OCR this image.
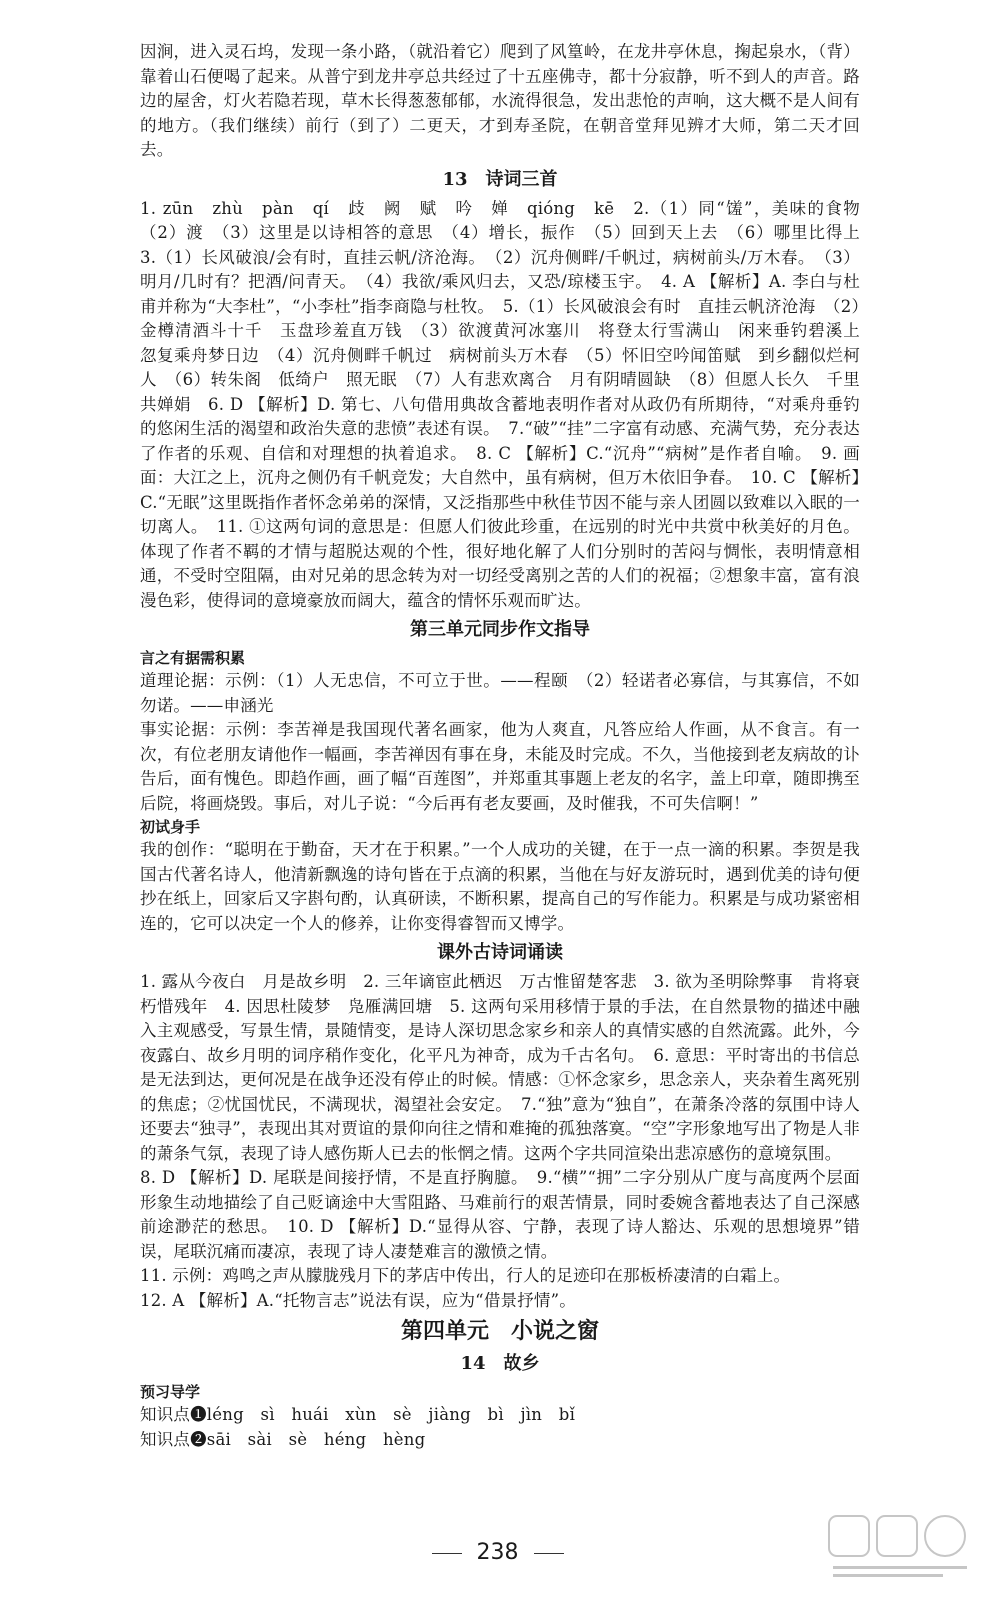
因涧，进入灵石坞，发现一条小路，（就沿着它）爬到了风篁岭，在龙井亭休息，掬起泉水，（背）靠着山石便喝了起来。从普宁到龙井亭总共经过了十五座佛寺，都十分寂静，听不到人的声音。路边的屋舍，灯火若隐若现，草木长得葱葱郁郁，水流得很急，发出悲怆的声响，这大概不是人间有的地方。（我们继续）前行（到了）二更天，才到寿圣院，在朝音堂拜见辨才大师，第二天才回去。

13　诗词三首

1. zūn　zhù　pàn　qí　歧　阙　赋　吟　婵　qióng　kē　2.（1）同“馐”，美味的食物　（2）渡　（3）这里是以诗相答的意思　（4）增长，振作　（5）回到天上去　（6）哪里比得上　3.（1）长风破浪/会有时，直挂云帆/济沧海。　（2）沉舟侧畔/千帆过，病树前头/万木春。　（3）明月/几时有？把酒/问青天。　（4）我欲/乘风归去，又恐/琼楼玉宇。　4. A 【解析】A. 李白与杜甫并称为“大李杜”，“小李杜”指李商隐与杜牧。　5.（1）长风破浪会有时　直挂云帆济沧海　（2）金樽清酒斗十千　玉盘珍羞直万钱　（3）欲渡黄河冰塞川　将登太行雪满山　闲来垂钓碧溪上　忽复乘舟梦日边　（4）沉舟侧畔千帆过　病树前头万木春　（5）怀旧空吟闻笛赋　到乡翻似烂柯人　（6）转朱阁　低绮户　照无眠　（7）人有悲欢离合　月有阴晴圆缺　（8）但愿人长久　千里共婵娟　6. D 【解析】D. 第七、八句借用典故含蓄地表明作者对从政仍有所期待，“对乘舟垂钓的悠闲生活的渴望和政治失意的悲愤”表述有误。　7.“破”“挂”二字富有动感、充满气势，充分表达了作者的乐观、自信和对理想的执着追求。　8. C 【解析】C.“沉舟”“病树”是作者自喻。　9. 画面：大江之上，沉舟之侧仍有千帆竞发；大自然中，虽有病树，但万木依旧争春。　10. C 【解析】C.“无眠”这里既指作者怀念弟弟的深情，又泛指那些中秋佳节因不能与亲人团圆以致难以入眠的一切离人。　11. ①这两句词的意思是：但愿人们彼此珍重，在远别的时光中共赏中秋美好的月色。体现了作者不羁的才情与超脱达观的个性，很好地化解了人们分别时的苦闷与惆怅，表明情意相通，不受时空阻隔，由对兄弟的思念转为对一切经受离别之苦的人们的祝福；②想象丰富，富有浪漫色彩，使得词的意境豪放而阔大，蕴含的情怀乐观而旷达。

第三单元同步作文指导
言之有据需积累

道理论据：示例：（1）人无忠信，不可立于世。——程颐　（2）轻诺者必寡信，与其寡信，不如勿诺。——申涵光

事实论据：示例：李苦禅是我国现代著名画家，他为人爽直，凡答应给人作画，从不食言。有一次，有位老朋友请他作一幅画，李苦禅因有事在身，未能及时完成。不久，当他接到老友病故的讣告后，面有愧色。即趋作画，画了幅“百莲图”，并郑重其事题上老友的名字，盖上印章，随即携至后院，将画烧毁。事后，对儿子说：“今后再有老友要画，及时催我，不可失信啊！”

初试身手

我的创作：“聪明在于勤奋，天才在于积累。”一个人成功的关键，在于一点一滴的积累。李贺是我国古代著名诗人，他清新飘逸的诗句皆在于点滴的积累，当他在与好友游玩时，遇到优美的诗句便抄在纸上，回家后又字斟句酌，认真研读，不断积累，提高自己的写作能力。积累是与成功紧密相连的，它可以决定一个人的修养，让你变得睿智而又博学。

课外古诗词诵读

1. 露从今夜白　月是故乡明　2. 三年谪宦此栖迟　万古惟留楚客悲　3. 欲为圣明除弊事　肯将衰朽惜残年　4. 因思杜陵梦　凫雁满回塘　5. 这两句采用移情于景的手法，在自然景物的描述中融入主观感受，写景生情，景随情变，是诗人深切思念家乡和亲人的真情实感的自然流露。此外，今夜露白、故乡月明的词序稍作变化，化平凡为神奇，成为千古名句。　6. 意思：平时寄出的书信总是无法到达，更何况是在战争还没有停止的时候。情感：①怀念家乡，思念亲人，夹杂着生离死别的焦虑；②忧国忧民，不满现状，渴望社会安定。　7.“独”意为“独自”，在萧条冷落的氛围中诗人还要去“独寻”，表现出其对贾谊的景仰向往之情和难掩的孤独落寞。“空”字形象地写出了物是人非的萧条气氛，表现了诗人感伤斯人已去的怅惘之情。这两个字共同渲染出悲凉感伤的意境氛围。

8. D 【解析】D. 尾联是间接抒情，不是直抒胸臆。　9.“横”“拥”二字分别从广度与高度两个层面形象生动地描绘了自己贬谪途中大雪阻路、马难前行的艰苦情景，同时委婉含蓄地表达了自己深感前途渺茫的愁思。　10. D 【解析】D.“显得从容、宁静，表现了诗人豁达、乐观的思想境界”错误，尾联沉痛而凄凉，表现了诗人凄楚难言的激愤之情。

11. 示例：鸡鸣之声从朦胧残月下的茅店中传出，行人的足迹印在那板桥凄清的白霜上。

12. A 【解析】A.“托物言志”说法有误，应为“借景抒情”。

第四单元　小说之窗
14　故乡
预习导学

知识点❶léng　sì　huái　xùn　sè　jiàng　bì　jìn　bǐ

知识点❷sāi　sài　sè　héng　hèng

238
